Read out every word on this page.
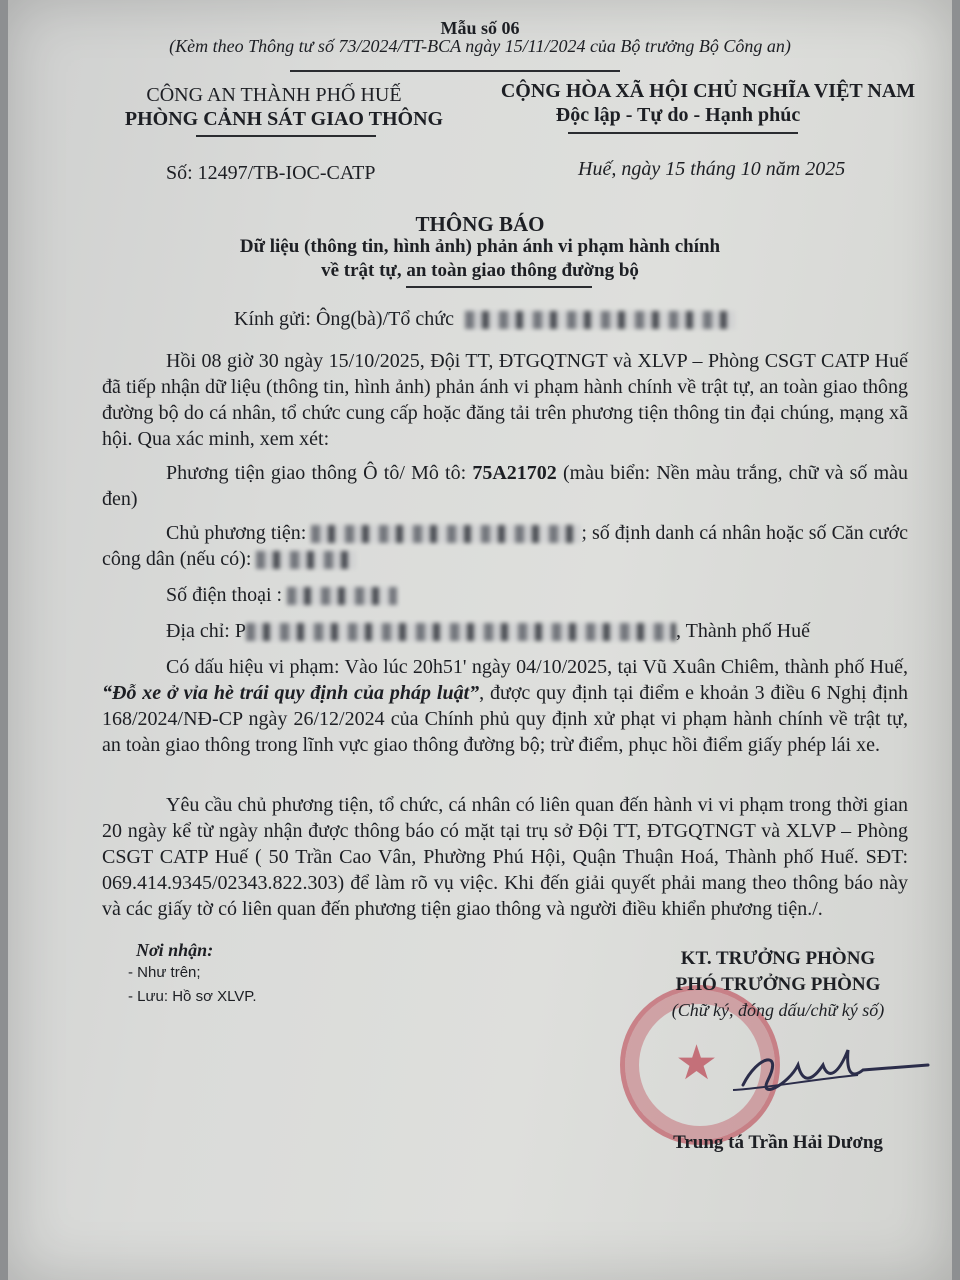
Mẫu số 06
(Kèm theo Thông tư số 73/2024/TT-BCA ngày 15/11/2024 của Bộ trưởng Bộ Công an)
CÔNG AN THÀNH PHỐ HUẾ
PHÒNG CẢNH SÁT GIAO THÔNG
Số: 12497/TB-IOC-CATP
CỘNG HÒA XÃ HỘI CHỦ NGHĨA VIỆT NAM
Độc lập - Tự do - Hạnh phúc
Huế, ngày 15 tháng 10 năm 2025
THÔNG BÁO
Dữ liệu (thông tin, hình ảnh) phản ánh vi phạm hành chính
về trật tự, an toàn giao thông đường bộ
Kính gửi: Ông(bà)/Tổ chức
Hồi 08 giờ 30 ngày 15/10/2025, Đội TT, ĐTGQTNGT và XLVP – Phòng CSGT CATP Huế đã tiếp nhận dữ liệu (thông tin, hình ảnh) phản ánh vi phạm hành chính về trật tự, an toàn giao thông đường bộ do cá nhân, tổ chức cung cấp hoặc đăng tải trên phương tiện thông tin đại chúng, mạng xã hội. Qua xác minh, xem xét:
Phương tiện giao thông Ô tô/ Mô tô: 75A21702 (màu biển: Nền màu trắng, chữ và số màu đen)
Chủ phương tiện:	; số định danh cá nhân hoặc số Căn cước công dân (nếu có):
Số điện thoại :
Địa chỉ: P	, Thành phố Huế
Có dấu hiệu vi phạm: Vào lúc 20h51' ngày 04/10/2025, tại Vũ Xuân Chiêm, thành phố Huế, “Đỗ xe ở vỉa hè trái quy định của pháp luật”, được quy định tại điểm e khoản 3 điều 6 Nghị định 168/2024/NĐ-CP ngày 26/12/2024 của Chính phủ quy định xử phạt vi phạm hành chính về trật tự, an toàn giao thông trong lĩnh vực giao thông đường bộ; trừ điểm, phục hồi điểm giấy phép lái xe.
Yêu cầu chủ phương tiện, tổ chức, cá nhân có liên quan đến hành vi vi phạm trong thời gian 20 ngày kể từ ngày nhận được thông báo có mặt tại trụ sở Đội TT, ĐTGQTNGT và XLVP – Phòng CSGT CATP Huế ( 50 Trần Cao Vân, Phường Phú Hội, Quận Thuận Hoá, Thành phố Huế. SĐT: 069.414.9345/02343.822.303) để làm rõ vụ việc. Khi đến giải quyết phải mang theo thông báo này và các giấy tờ có liên quan đến phương tiện giao thông và người điều khiển phương tiện./.
Nơi nhận:
- Như trên;
- Lưu: Hồ sơ XLVP.
★
KT. TRƯỞNG PHÒNG
PHÓ TRƯỞNG PHÒNG
(Chữ ký, đóng dấu/chữ ký số)
Trung tá Trần Hải Dương
